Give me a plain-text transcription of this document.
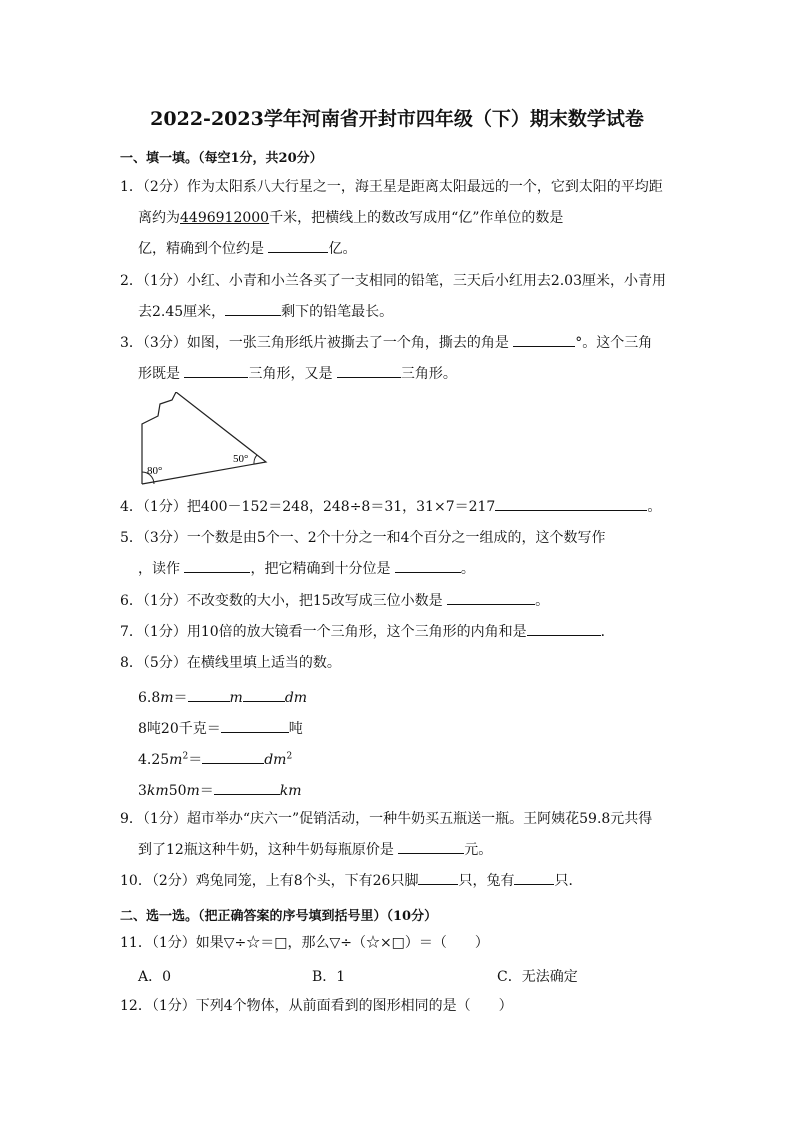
2022-2023学年河南省开封市四年级（下）期末数学试卷
一、填一填。（每空1分，共20分）
1．（2分）作为太阳系八大行星之一，海王星是距离太阳最远的一个，它到太阳的平均距
离约为4496912000千米，把横线上的数改写成用“亿”作单位的数是
亿，精确到个位约是	亿。
2．（1分）小红、小青和小兰各买了一支相同的铅笔，三天后小红用去2.03厘米，小青用
去2.45厘米，	剩下的铅笔最长。
3．（3分）如图，一张三角形纸片被撕去了一个角，撕去的角是	°。这个三角
形既是	三角形，又是	三角形。
80°
50°
4．（1分）把400－152＝248，248÷8＝31，31×7＝217	。
5．（3分）一个数是由5个一、2个十分之一和4个百分之一组成的，这个数写作
，读作	，把它精确到十分位是	。
6．（1分）不改变数的大小，把15改写成三位小数是	。
7．（1分）用10倍的放大镜看一个三角形，这个三角形的内角和是	．
8．（5分）在横线里填上适当的数。
6.8m＝	m	dm
8吨20千克＝	吨
$4.25m^2=$	$dm^2$
3km50m＝	km
9．（1分）超市举办“庆六一”促销活动，一种牛奶买五瓶送一瓶。王阿姨花59.8元共得
到了12瓶这种牛奶，这种牛奶每瓶原价是	元。
10．（2分）鸡兔同笼，上有8个头，下有26只脚	只，兔有	只．
二、选一选。（把正确答案的序号填到括号里）（10分）
11．（1分）如果▽÷☆＝□，那么▽÷（☆×□）＝（　　）
A．0	B．1	C．无法确定
12．（1分）下列4个物体，从前面看到的图形相同的是（　　）
